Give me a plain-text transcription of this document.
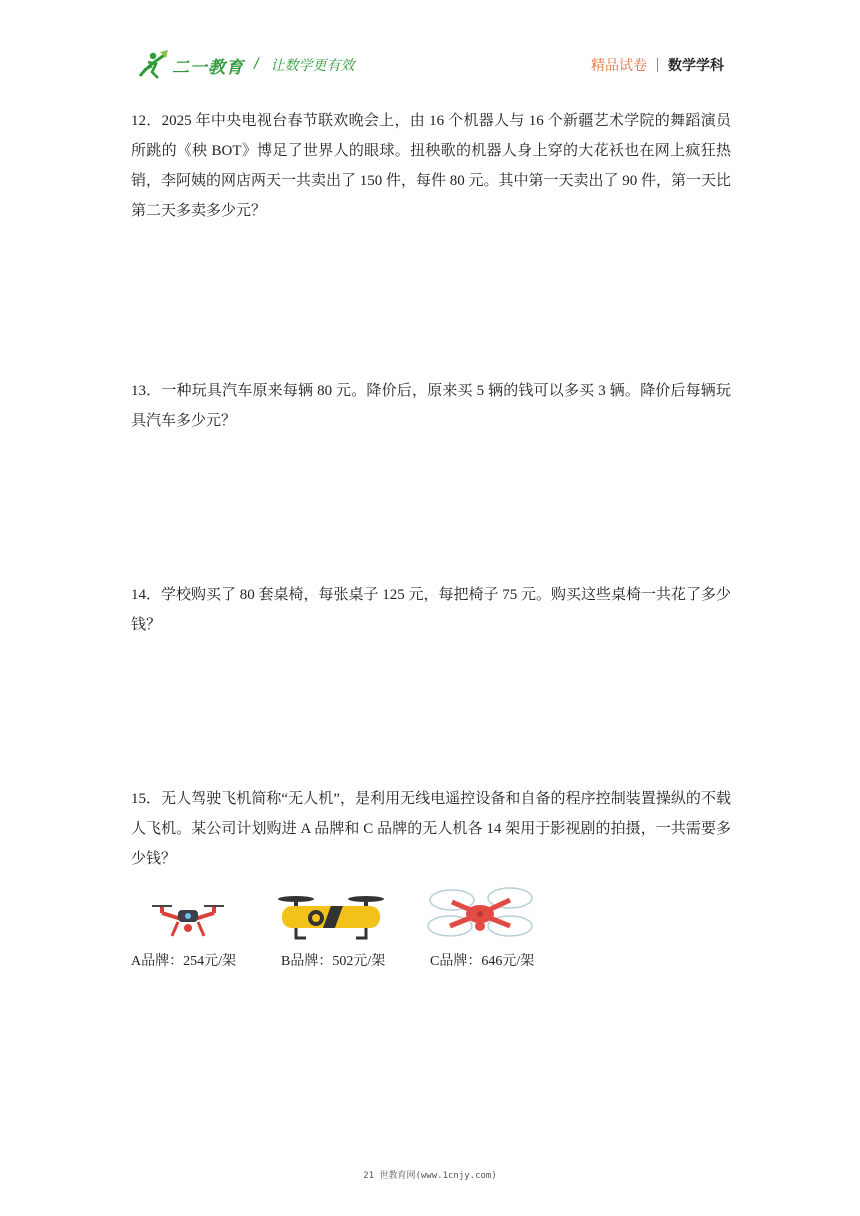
二一教育 / 让数学更有效	精品试卷 数学学科

12．2025 年中央电视台春节联欢晚会上，由 16 个机器人与 16 个新疆艺术学院的舞蹈演员所跳的《秧 BOT》博足了世界人的眼球。扭秧歌的机器人身上穿的大花袄也在网上疯狂热销，李阿姨的网店两天一共卖出了 150 件，每件 80 元。其中第一天卖出了 90 件，第一天比第二天多卖多少元？

13．一种玩具汽车原来每辆 80 元。降价后，原来买 5 辆的钱可以多买 3 辆。降价后每辆玩具汽车多少元？

14．学校购买了 80 套桌椅，每张桌子 125 元，每把椅子 75 元。购买这些桌椅一共花了多少钱？

15．无人驾驶飞机简称“无人机”，是利用无线电遥控设备和自备的程序控制装置操纵的不载人飞机。某公司计划购进 A 品牌和 C 品牌的无人机各 14 架用于影视剧的拍摄，一共需要多少钱？

A品牌：254元/架	B品牌：502元/架	C品牌：646元/架
21 世教育网(www.1cnjy.com)
